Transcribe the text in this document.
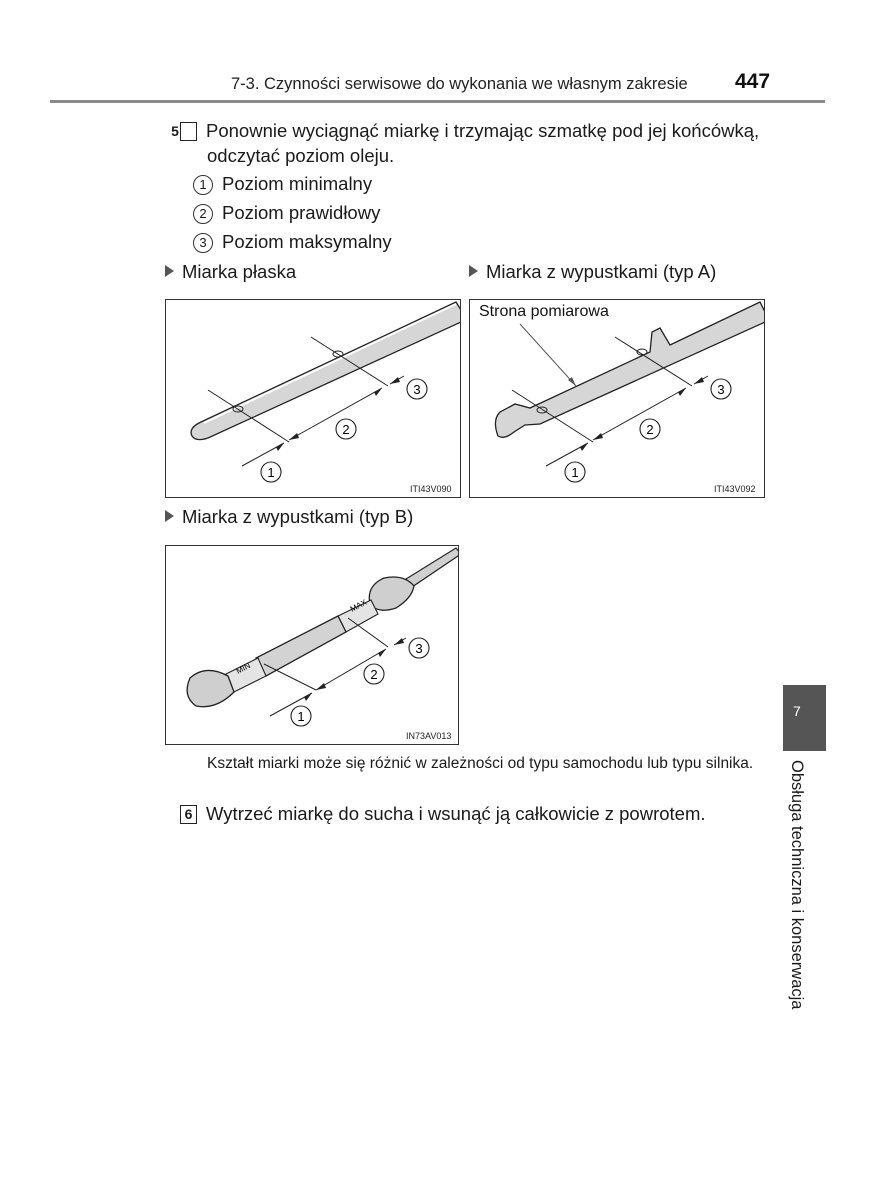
7-3. Czynności serwisowe do wykonania we własnym zakresie 447
5 Ponownie wyciągnąć miarkę i trzymając szmatkę pod jej końcówką, odczytać poziom oleju.
1 Poziom minimalny
2 Poziom prawidłowy
3 Poziom maksymalny
Miarka płaska	Miarka z wypustkami (typ A)
1
2
3
ITI43V090
1
2
3
Strona pomiarowa
ITI43V092
Miarka z wypustkami (typ B)
MAX
MIN
1
2
3
IN73AV013
Kształt miarki może się różnić w zależności od typu samochodu lub typu silnika.
6 Wytrzeć miarkę do sucha i wsunąć ją całkowicie z powrotem.
7
Obsługa techniczna i konserwacja
